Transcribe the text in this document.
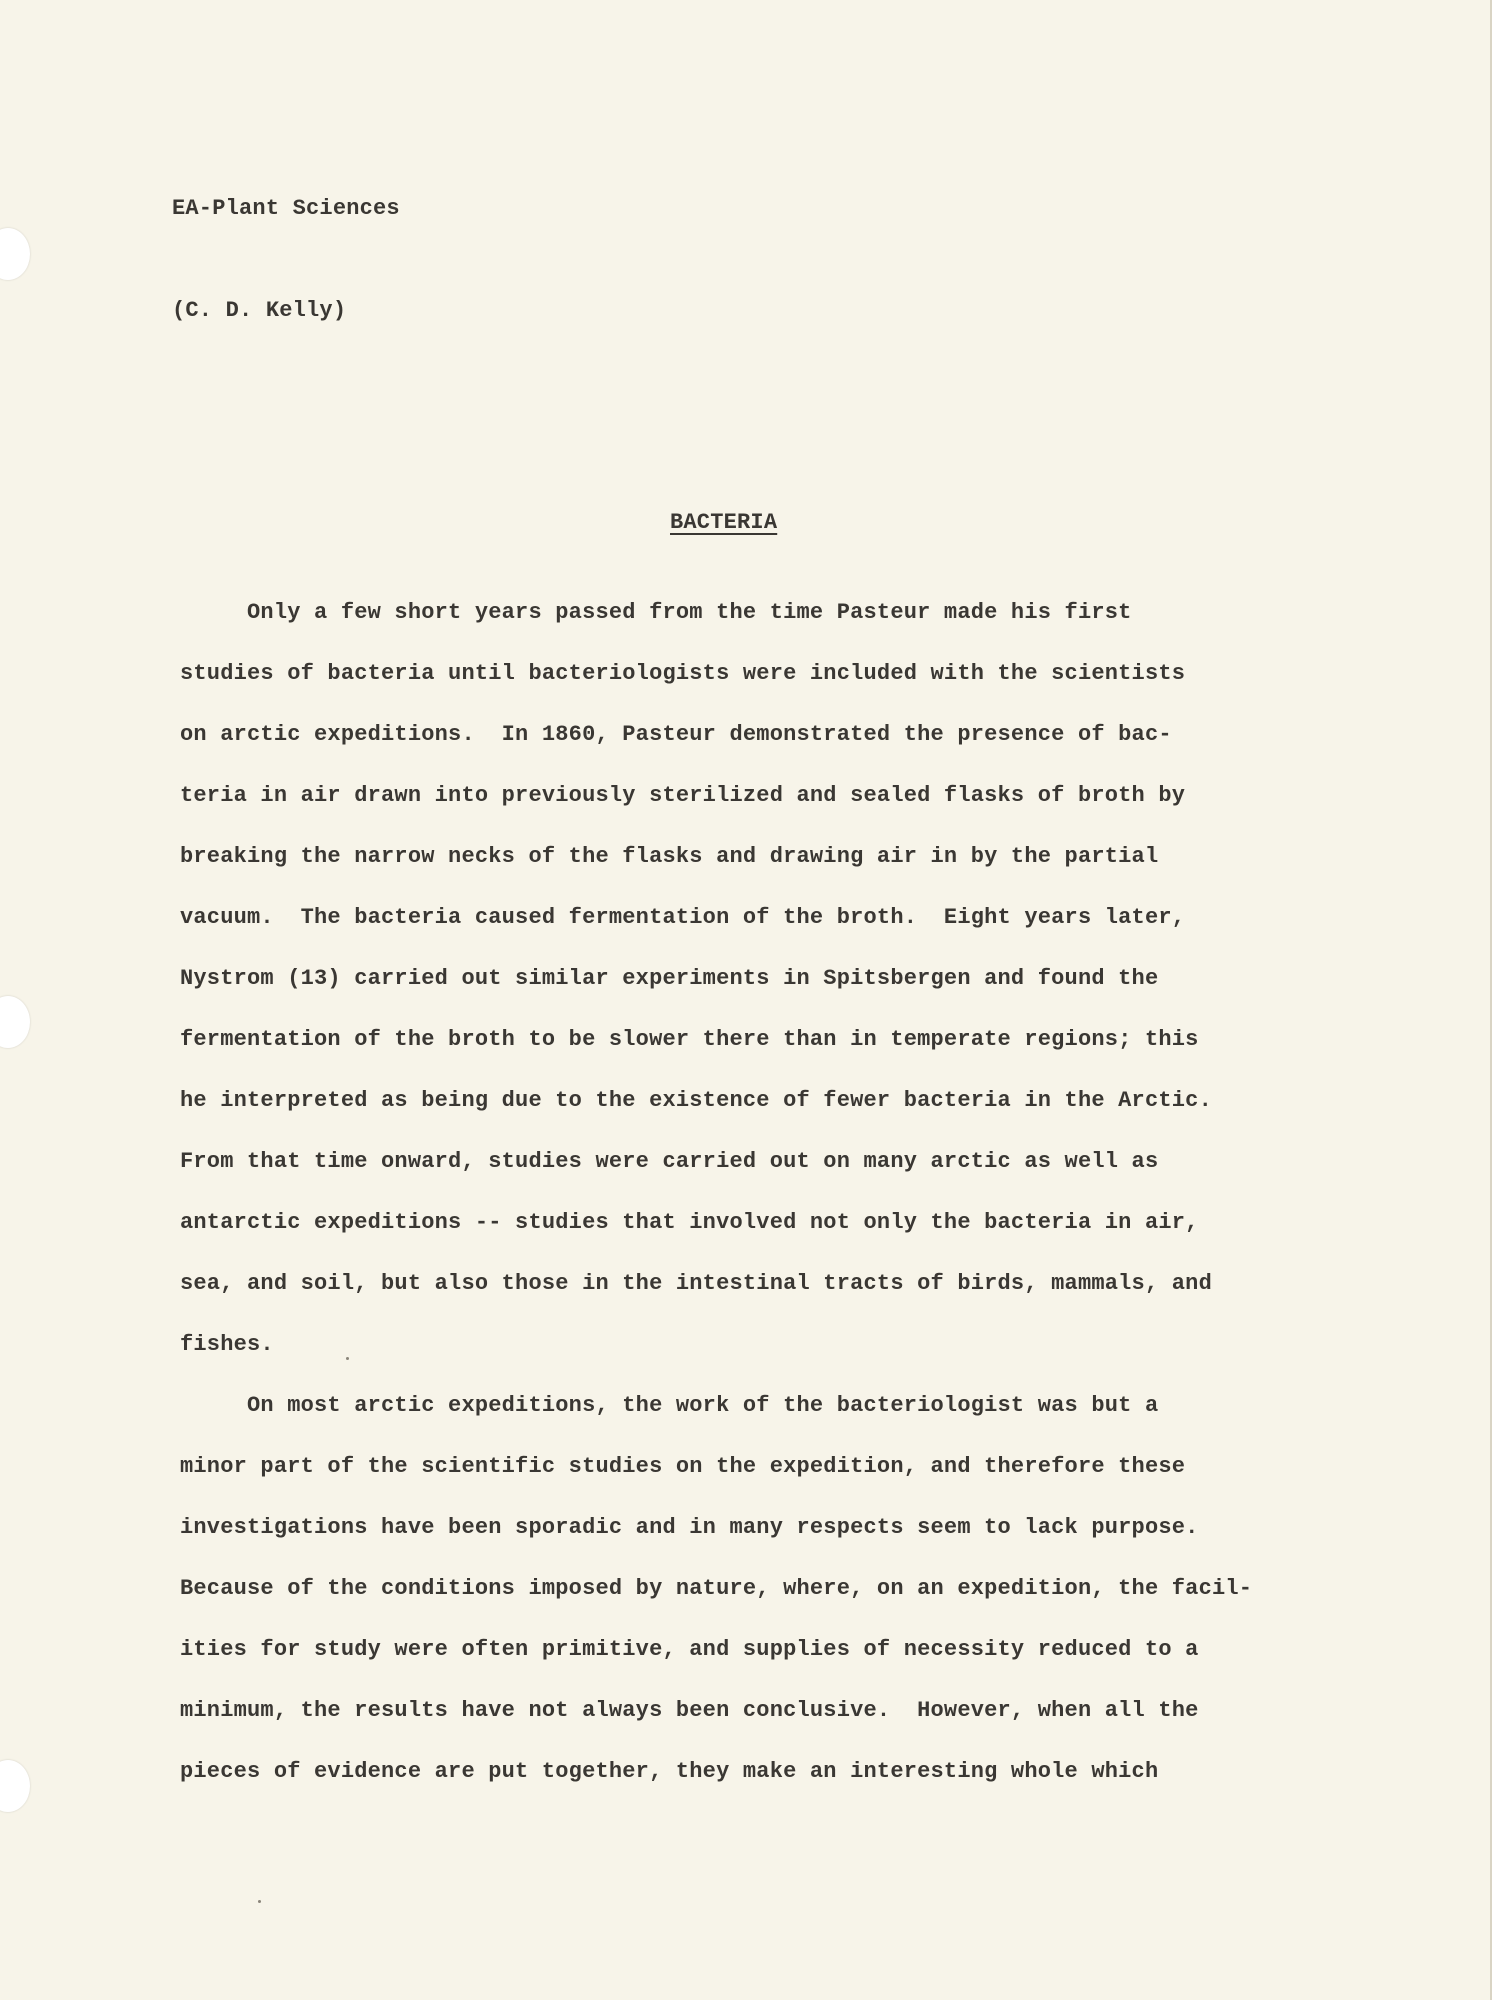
EA-Plant Sciences

(C. D. Kelly)

BACTERIA

Only a few short years passed from the time Pasteur made his first

studies of bacteria until bacteriologists were included with the scientists

on arctic expeditions.  In 1860, Pasteur demonstrated the presence of bac-

teria in air drawn into previously sterilized and sealed flasks of broth by

breaking the narrow necks of the flasks and drawing air in by the partial

vacuum.  The bacteria caused fermentation of the broth.  Eight years later,

Nystrom (13) carried out similar experiments in Spitsbergen and found the

fermentation of the broth to be slower there than in temperate regions; this

he interpreted as being due to the existence of fewer bacteria in the Arctic.

From that time onward, studies were carried out on many arctic as well as

antarctic expeditions -- studies that involved not only the bacteria in air,

sea, and soil, but also those in the intestinal tracts of birds, mammals, and

fishes.

On most arctic expeditions, the work of the bacteriologist was but a

minor part of the scientific studies on the expedition, and therefore these

investigations have been sporadic and in many respects seem to lack purpose.

Because of the conditions imposed by nature, where, on an expedition, the facil-

ities for study were often primitive, and supplies of necessity reduced to a

minimum, the results have not always been conclusive.  However, when all the

pieces of evidence are put together, they make an interesting whole which
